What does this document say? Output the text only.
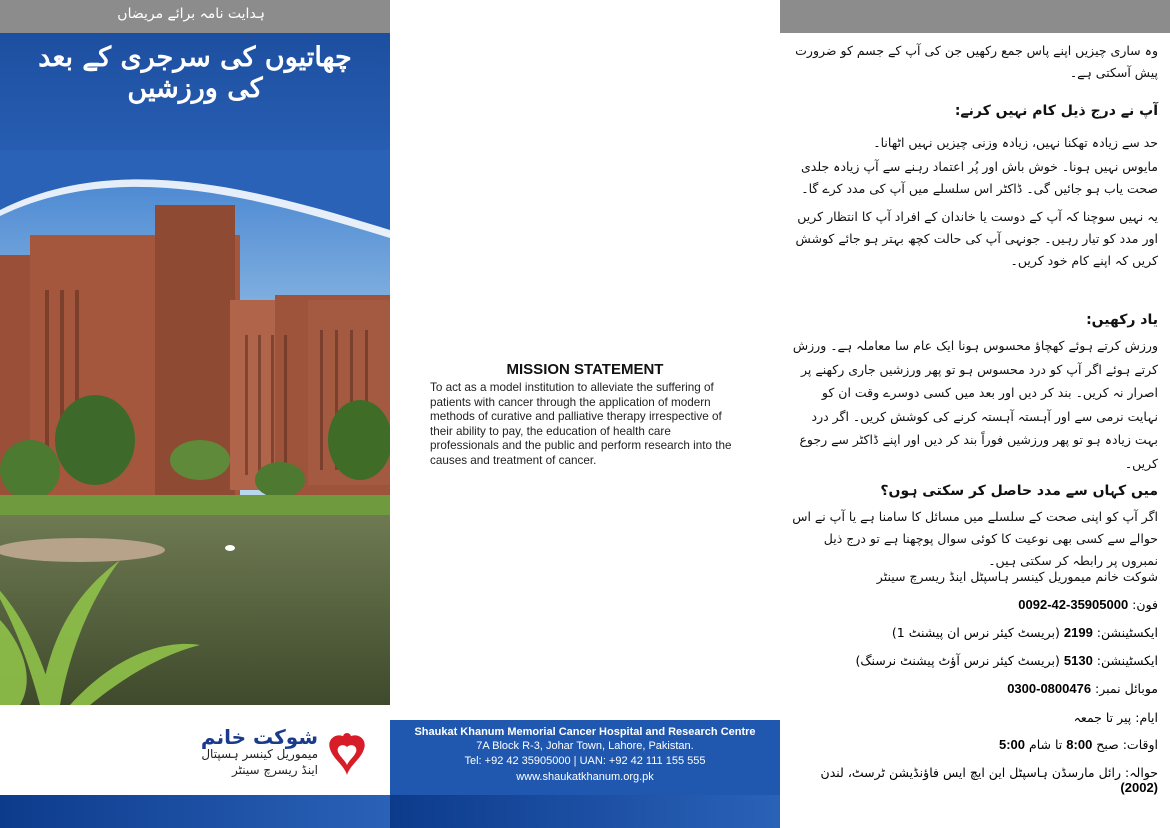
چھاتیوں کی سرجری کے بعد کی ورزشیں
شوکت خانم
میموریل کینسر ہسپتال
اینڈ ریسرچ سینٹر
ہدایت نامہ برائے مریضاں
MISSION STATEMENT
To act as a model institution to alleviate the suffering of patients with cancer through the application of modern methods of curative and palliative therapy irrespective of their ability to pay, the education of health care professionals and the public and perform research into the causes and treatment of cancer.
Shaukat Khanum Memorial Cancer Hospital and Research Centre
7A Block R-3, Johar Town, Lahore, Pakistan.
Tel: +92 42 35905000 | UAN: +92 42 111 155 555
www.shaukatkhanum.org.pk
وہ ساری چیزیں اپنے پاس جمع رکھیں جن کی آپ کے جسم کو ضرورت پیش آسکتی ہے۔
آپ نے درج ذیل کام نہیں کرنے:
حد سے زیادہ تھکنا نہیں، زیادہ وزنی چیزیں نہیں اٹھانا۔
مایوس نہیں ہونا۔ خوش باش اور پُر اعتماد رہنے سے آپ زیادہ جلدی صحت یاب ہو جائیں گی۔ ڈاکٹر اس سلسلے میں آپ کی مدد کرے گا۔
یہ نہیں سوچنا کہ آپ کے دوست یا خاندان کے افراد آپ کا انتظار کریں اور مدد کو تیار رہیں۔ جونہی آپ کی حالت کچھ بہتر ہو جائے کوشش کریں کہ اپنے کام خود کریں۔
یاد رکھیں:
ورزش کرتے ہوئے کھچاؤ محسوس ہونا ایک عام سا معاملہ ہے۔ ورزش کرتے ہوئے اگر آپ کو درد محسوس ہو تو پھر ورزشیں جاری رکھنے پر اصرار نہ کریں۔ بند کر دیں اور بعد میں کسی دوسرے وقت ان کو نہایت نرمی سے اور آہستہ آہستہ کرنے کی کوشش کریں۔ اگر درد بہت زیادہ ہو تو پھر ورزشیں فوراً بند کر دیں اور اپنے ڈاکٹر سے رجوع کریں۔
میں کہاں سے مدد حاصل کر سکتی ہوں؟
اگر آپ کو اپنی صحت کے سلسلے میں مسائل کا سامنا ہے یا آپ نے اس حوالے سے کسی بھی نوعیت کا کوئی سوال پوچھنا ہے تو درج ذیل نمبروں پر رابطہ کر سکتی ہیں۔
شوکت خانم میموریل کینسر ہاسپٹل اینڈ ریسرچ سینٹر
فون: 0092-42-35905000
ایکسٹینشن: 2199 (بریسٹ کیئر نرس ان پیشنٹ 1)
ایکسٹینشن: 5130 (بریسٹ کیئر نرس آؤٹ پیشنٹ نرسنگ)
موبائل نمبر: 0300-0800476
ایام: پیر تا جمعہ
اوقات: صبح 8:00 تا شام 5:00
حوالہ: رائل مارسڈن ہاسپٹل این ایچ ایس فاؤنڈیشن ٹرسٹ، لندن (2002)
